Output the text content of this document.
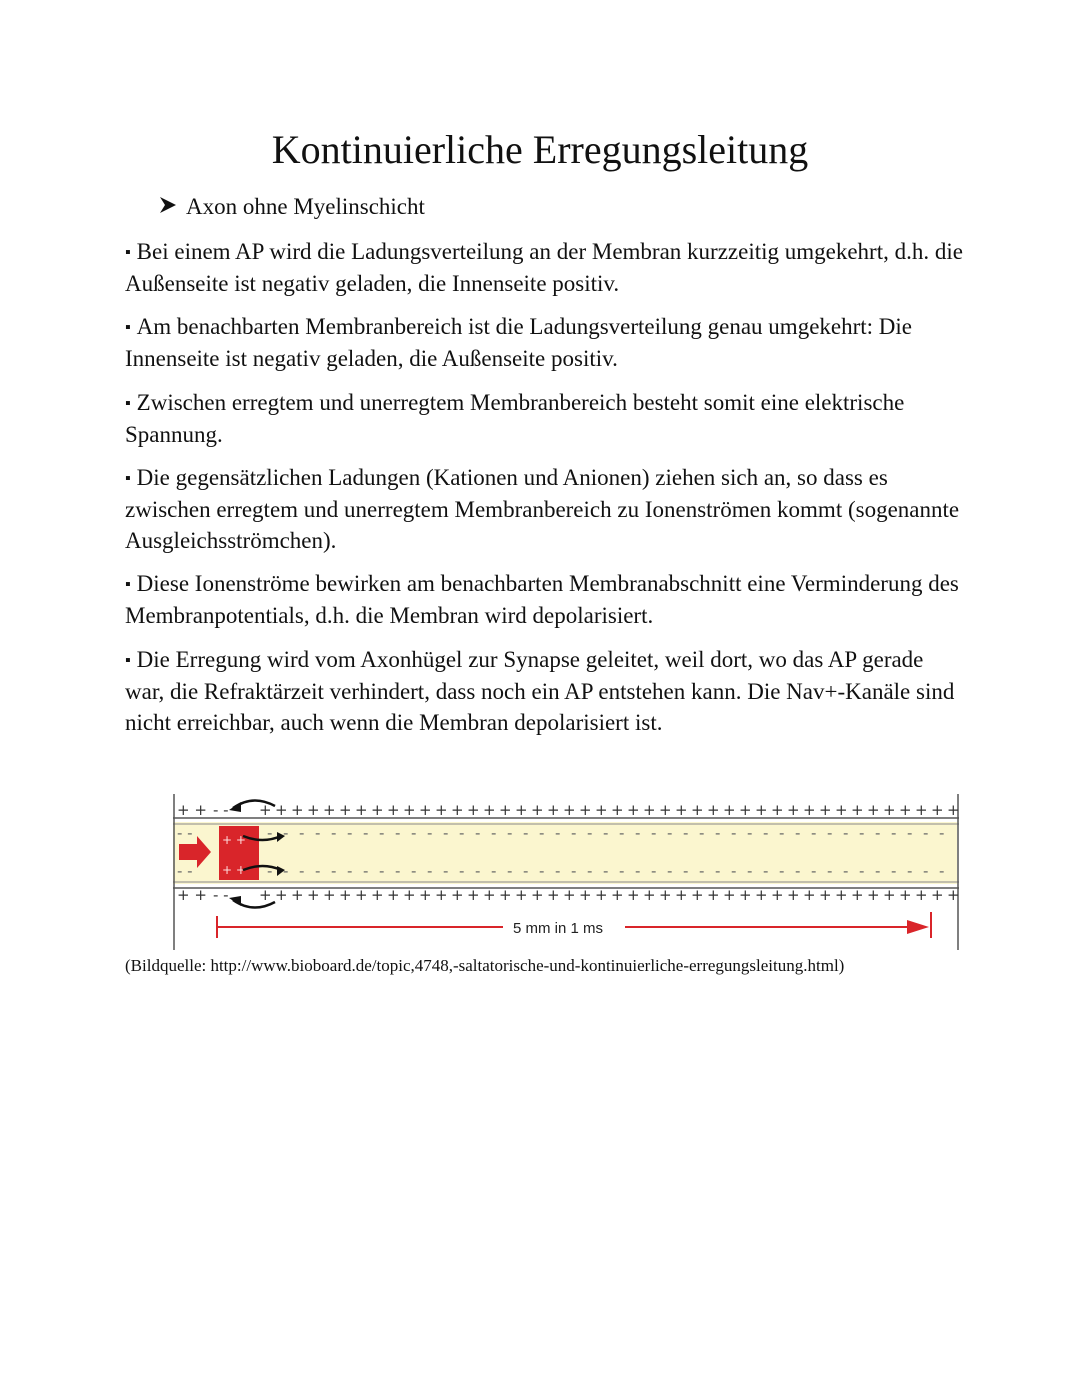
Kontinuierliche Erregungsleitung
Axon ohne Myelinschicht
▪ Bei einem AP wird die Ladungsverteilung an der Membran kurzzeitig umgekehrt, d.h. die Außenseite ist negativ geladen, die Innenseite positiv.
▪ Am benachbarten Membranbereich ist die Ladungsverteilung genau umgekehrt: Die Innenseite ist negativ geladen, die Außenseite positiv.
▪ Zwischen erregtem und unerregtem Membranbereich besteht somit eine elektrische Spannung.
▪ Die gegensätzlichen Ladungen (Kationen und Anionen) ziehen sich an, so dass es zwischen erregtem und unerregtem Membranbereich zu Ionenströmen kommt (sogenannte Ausgleichsströmchen).
▪ Diese Ionenströme bewirken am benachbarten Membranabschnitt eine Verminderung des Membranpotentials, d.h. die Membran wird depolarisiert.
▪ Die Erregung wird vom Axonhügel zur Synapse geleitet, weil dort, wo das AP gerade war, die Refraktärzeit verhindert, dass noch ein AP entstehen kann. Die Nav+-Kanäle sind nicht erreichbar, auch wenn die Membran depolarisiert ist.
+ +
+ +
5 mm in 1 ms
+ +
+ +
- -
- -
+
+
+
+
+
+
+
+
+
+
+
+
+
+
+
+
+
+
+
+
+
+
+
+
+
+
+
+
+
+
+
+
+
+
+
+
+
+
+
+
+
+
+
+
+
+
+
+
+
+
+
+
+
+
+
+
+
+
+
+
+
+
+
+
+
+
+
+
+
+
+
+
+
+
+
+
+
+
+
+
+
+
+
+
+
+
+
+
-
-
-
-
-
-
-
-
-
-
-
-
-
-
-
-
-
-
-
-
-
-
-
-
-
-
-
-
-
-
-
-
-
-
-
-
-
-
-
-
-
-
-
-
-
-
-
-
-
-
-
-
-
-
-
-
-
-
-
-
-
-
-
-
-
-
-
-
-
-
-
-
-
-
-
-
-
-
-
-
-
-
-
-
-
-
- -
- -
(Bildquelle: http://www.bioboard.de/topic,4748,-saltatorische-und-kontinuierliche-erregungsleitung.html)
